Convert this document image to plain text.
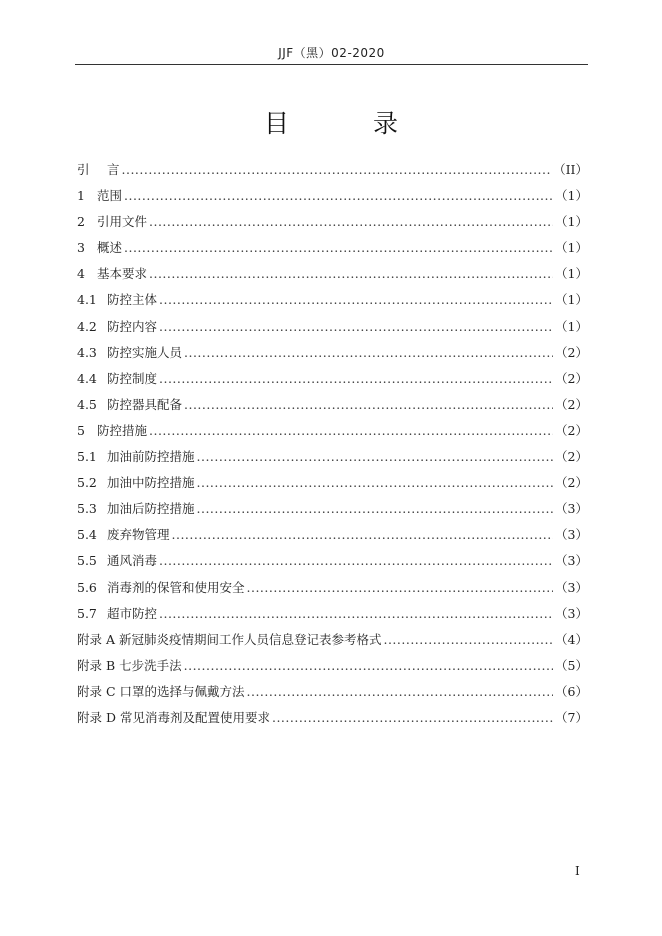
JJF（黑）02-2020
目 录
引	言 .....	（II）
1 范围 .....	（1）
2 引用文件 .....	（1）
3 概述 .....	（1）
4 基本要求 .....	（1）
4.1 防控主体 .....	（1）
4.2 防控内容 .....	（1）
4.3 防控实施人员 .....	（2）
4.4 防控制度 .....	（2）
4.5 防控器具配备 .....	（2）
5 防控措施 .....	（2）
5.1 加油前防控措施 .....	（2）
5.2 加油中防控措施 .....	（2）
5.3 加油后防控措施 .....	（3）
5.4 废弃物管理 .....	（3）
5.5 通风消毒 .....	（3）
5.6 消毒剂的保管和使用安全 .....	（3）
5.7 超市防控 .....	（3）
附录 A 新冠肺炎疫情期间工作人员信息登记表参考格式 .....	（4）
附录 B 七步洗手法 .....	（5）
附录 C 口罩的选择与佩戴方法 .....	（6）
附录 D 常见消毒剂及配置使用要求 .....	（7）
I
